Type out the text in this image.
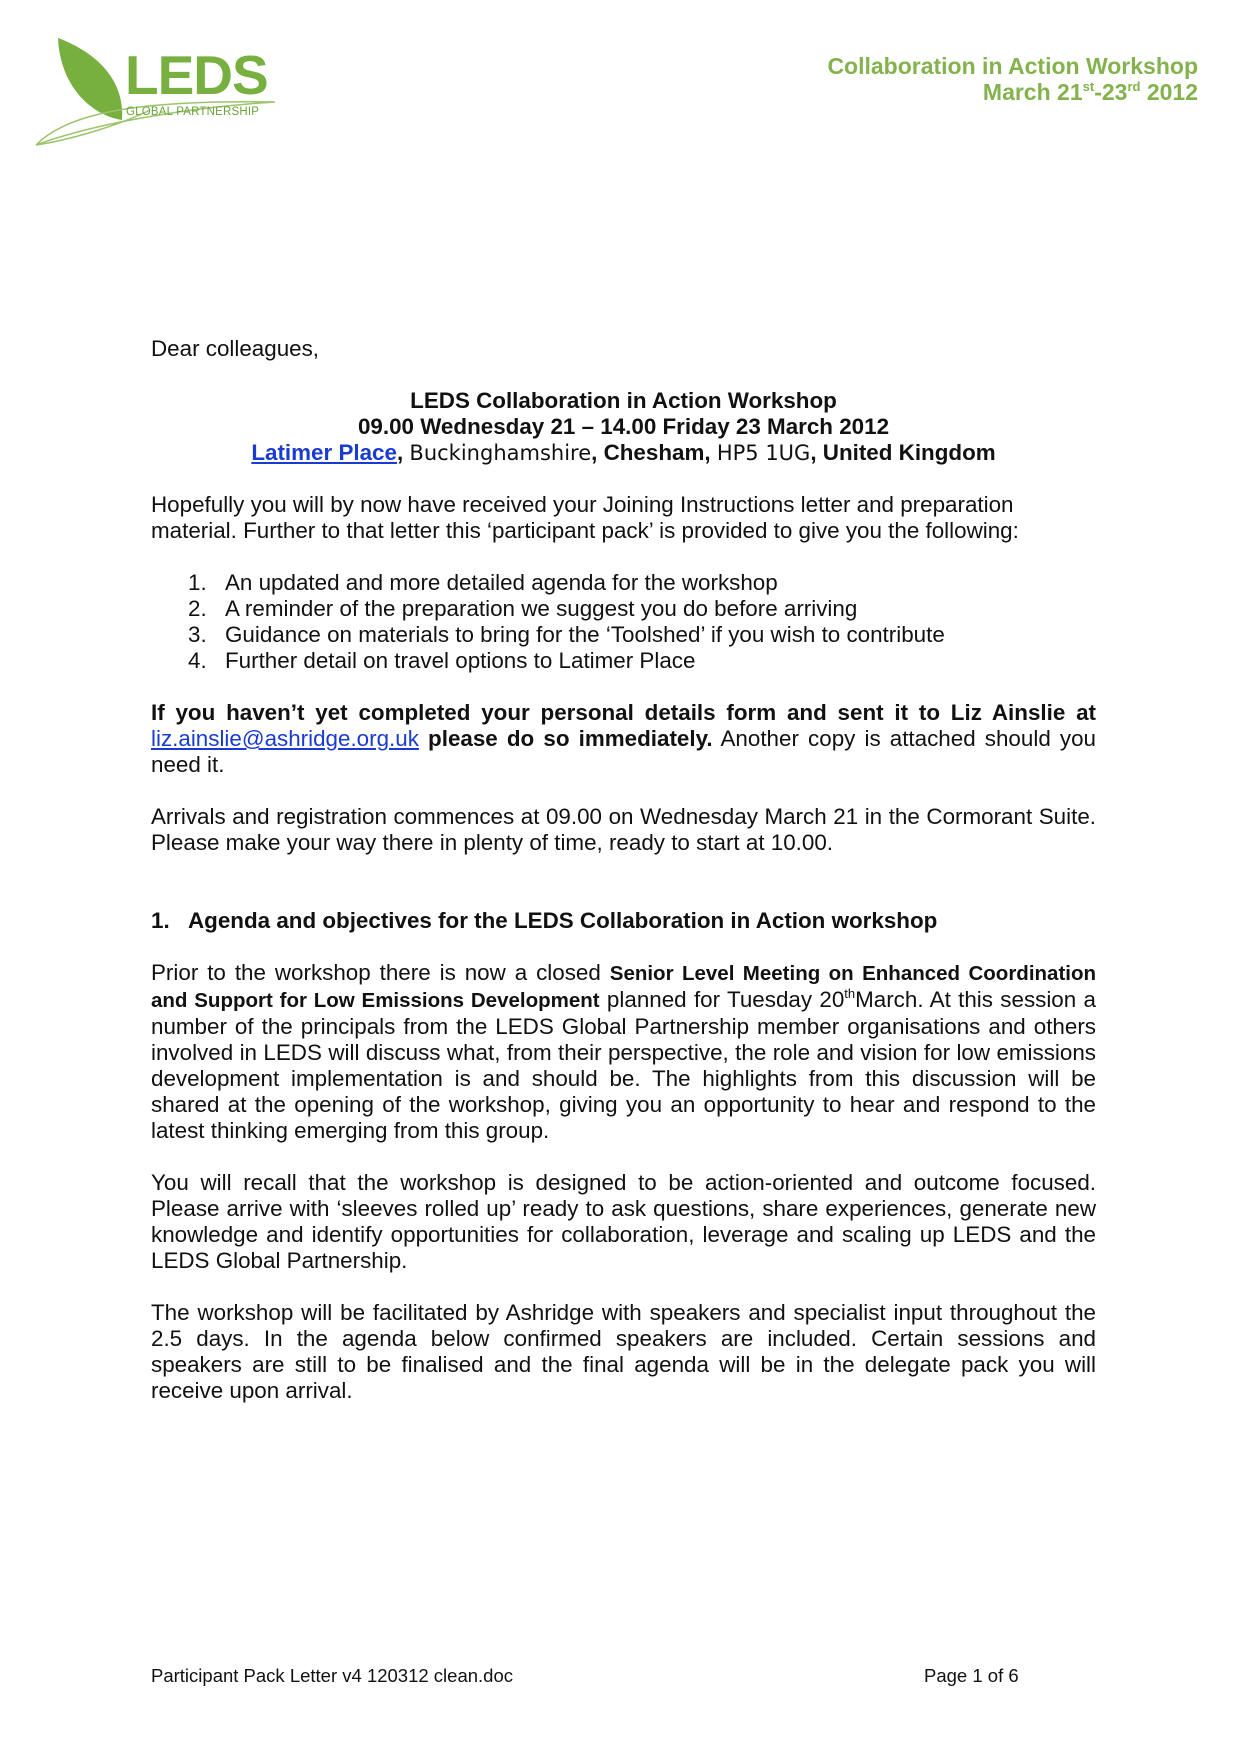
LEDS
GLOBAL PARTNERSHIP
Collaboration in Action Workshop
March 21st-23rd 2012

Dear colleagues,

LEDS Collaboration in Action Workshop

09.00 Wednesday 21 – 14.00 Friday 23 March 2012

Latimer Place, Buckinghamshire, Chesham, HP5 1UG, United Kingdom

Hopefully you will by now have received your Joining Instructions letter and preparation material. Further to that letter this ‘participant pack’ is provided to give you the following:

1. An updated and more detailed agenda for the workshop
2. A reminder of the preparation we suggest you do before arriving
3. Guidance on materials to bring for the ‘Toolshed’ if you wish to contribute
4. Further detail on travel options to Latimer Place

If you haven’t yet completed your personal details form and sent it to Liz Ainslie at liz.ainslie@ashridge.org.uk please do so immediately. Another copy is attached should you need it.

Arrivals and registration commences at 09.00 on Wednesday March 21 in the Cormorant Suite. Please make your way there in plenty of time, ready to start at 10.00.

1. Agenda and objectives for the LEDS Collaboration in Action workshop

Prior to the workshop there is now a closed Senior Level Meeting on Enhanced Coordination and Support for Low Emissions Development planned for Tuesday 20thMarch. At this session a number of the principals from the LEDS Global Partnership member organisations and others involved in LEDS will discuss what, from their perspective, the role and vision for low emissions development implementation is and should be. The highlights from this discussion will be shared at the opening of the workshop, giving you an opportunity to hear and respond to the latest thinking emerging from this group.

You will recall that the workshop is designed to be action-oriented and outcome focused. Please arrive with ‘sleeves rolled up’ ready to ask questions, share experiences, generate new knowledge and identify opportunities for collaboration, leverage and scaling up LEDS and the LEDS Global Partnership.

The workshop will be facilitated by Ashridge with speakers and specialist input throughout the 2.5 days. In the agenda below confirmed speakers are included. Certain sessions and speakers are still to be finalised and the final agenda will be in the delegate pack you will receive upon arrival.

Participant Pack Letter v4 120312 clean.doc	Page 1 of 6
